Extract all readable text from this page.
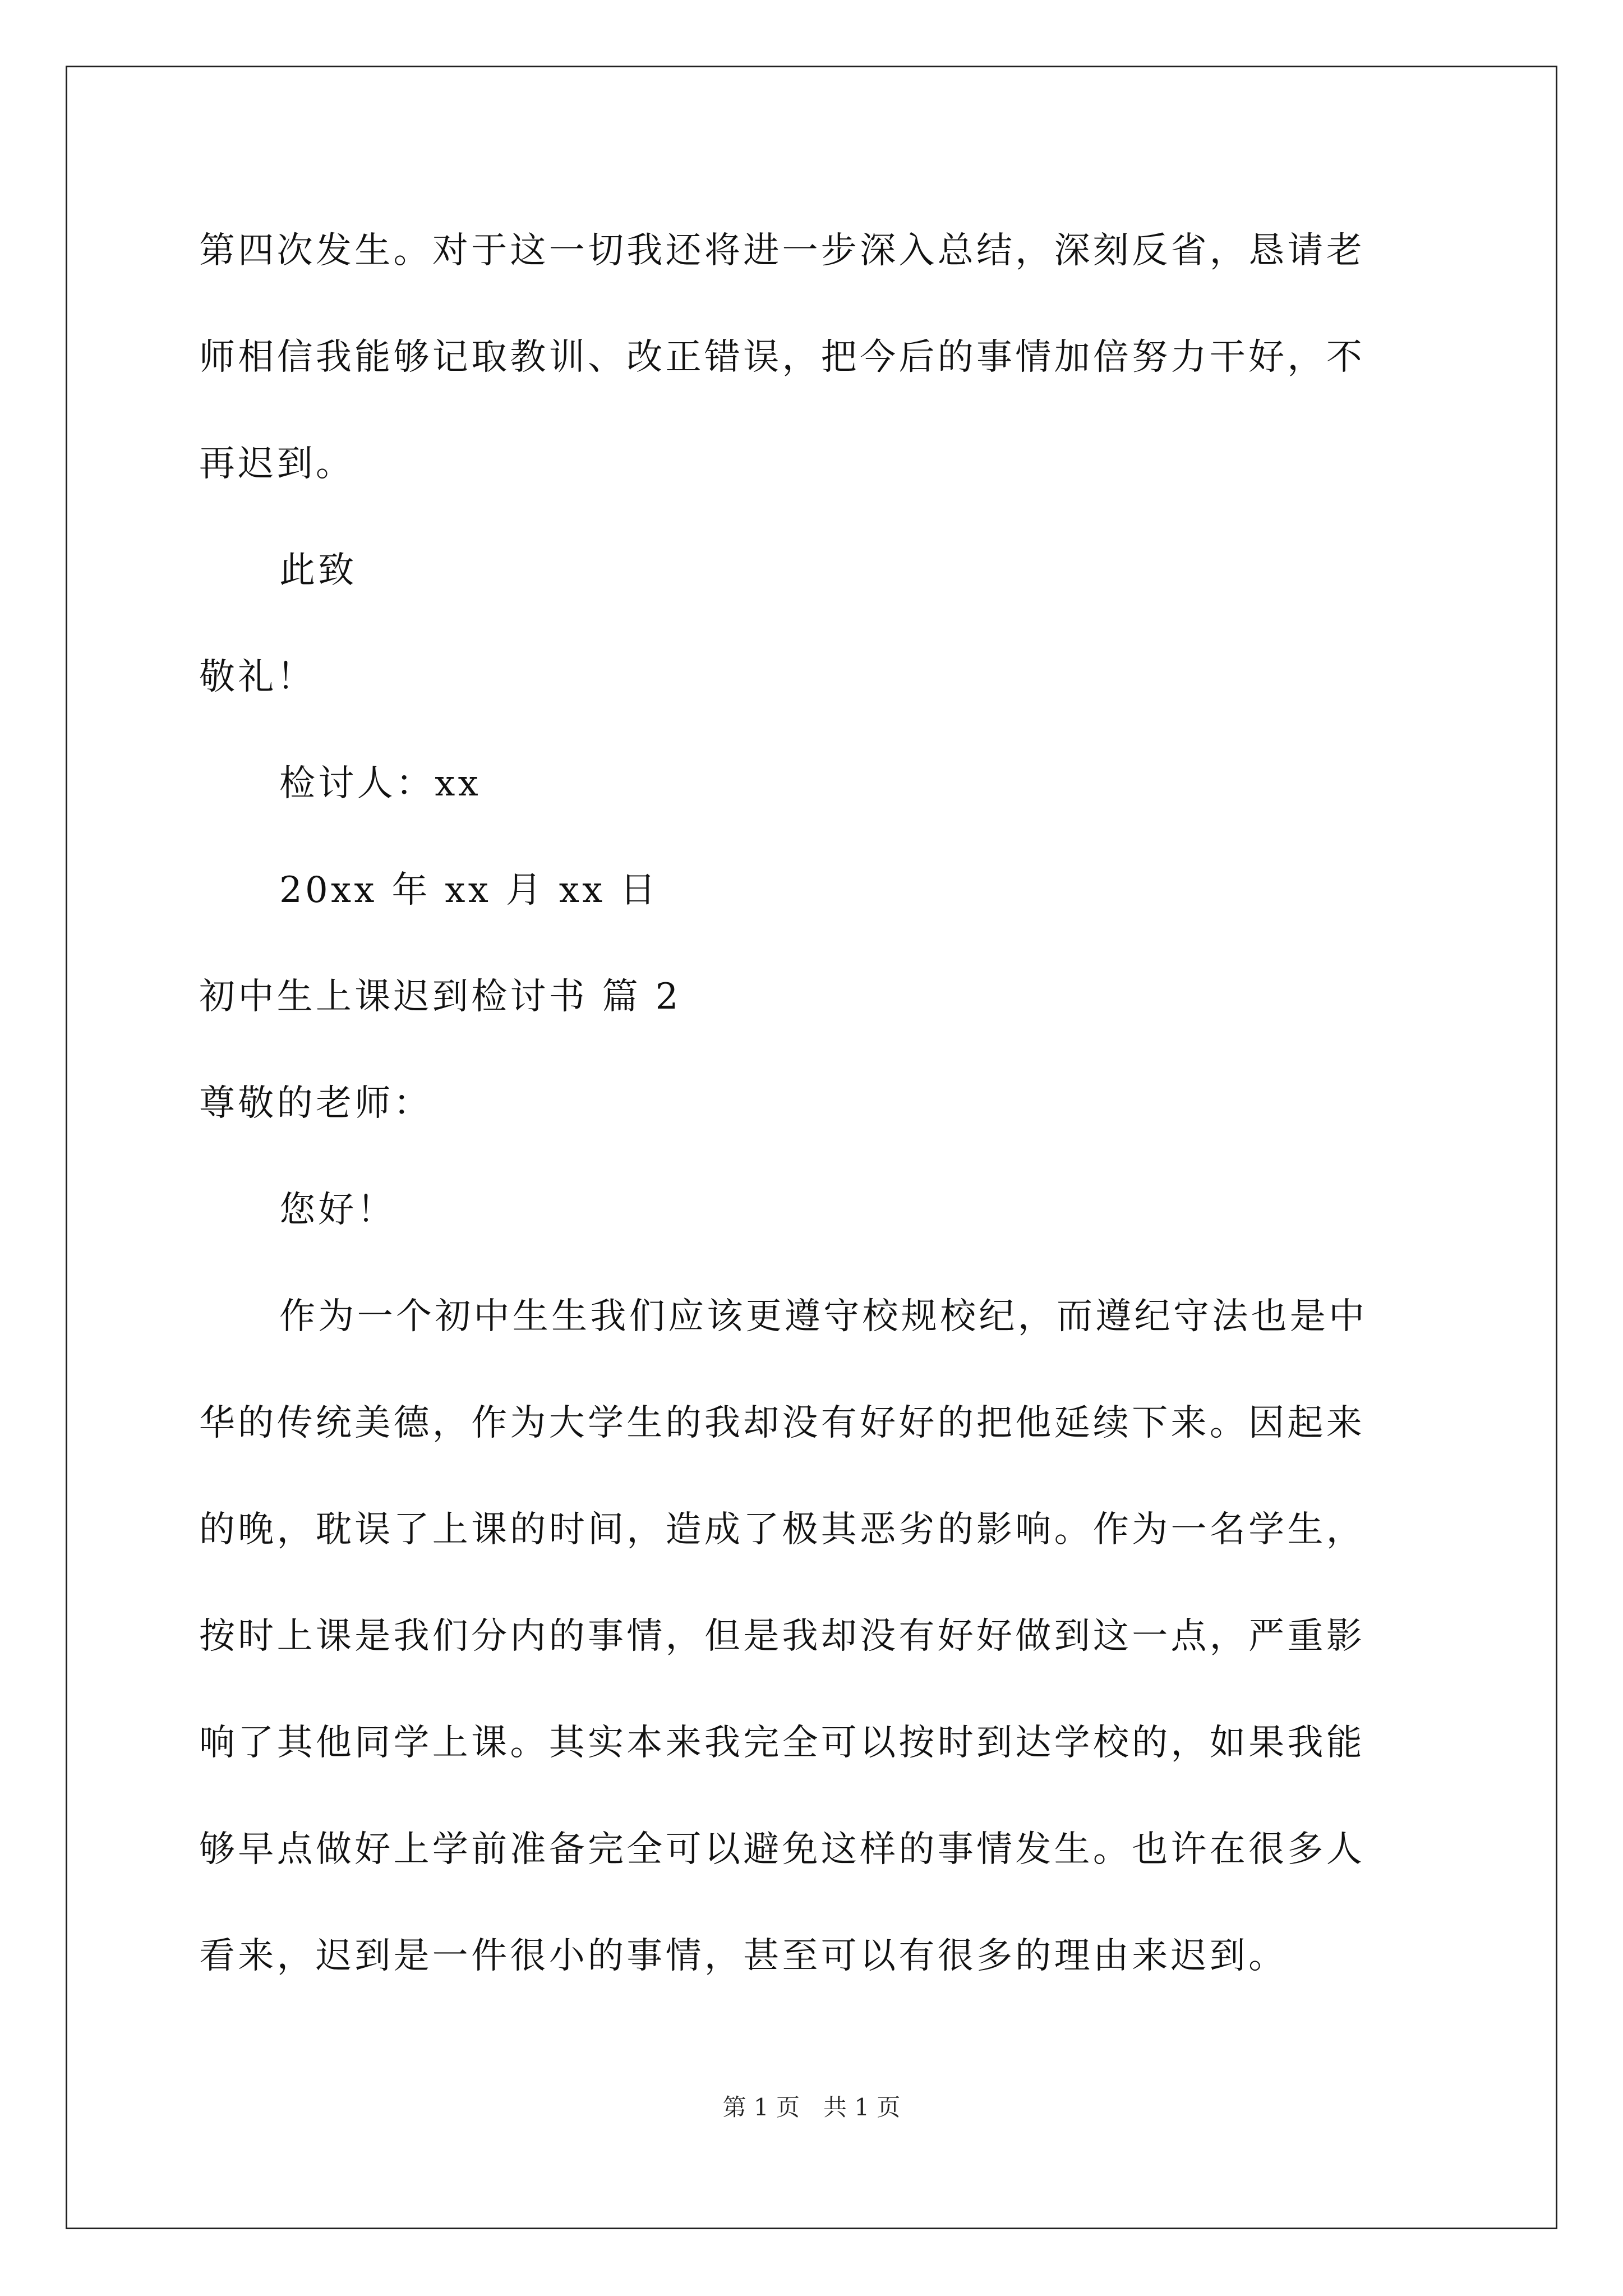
第四次发生。对于这一切我还将进一步深入总结，深刻反省，恳请老
师相信我能够记取教训、改正错误，把今后的事情加倍努力干好，不
再迟到。
此致
敬礼！
检讨人：xx
20xx 年 xx 月 xx 日
初中生上课迟到检讨书 篇 2
尊敬的老师：
您好！
作为一个初中生生我们应该更遵守校规校纪，而遵纪守法也是中
华的传统美德，作为大学生的我却没有好好的把他延续下来。因起来
的晚，耽误了上课的时间，造成了极其恶劣的影响。作为一名学生，
按时上课是我们分内的事情，但是我却没有好好做到这一点，严重影
响了其他同学上课。其实本来我完全可以按时到达学校的，如果我能
够早点做好上学前准备完全可以避免这样的事情发生。也许在很多人
看来，迟到是一件很小的事情，甚至可以有很多的理由来迟到。
第 1 页　共 1 页
